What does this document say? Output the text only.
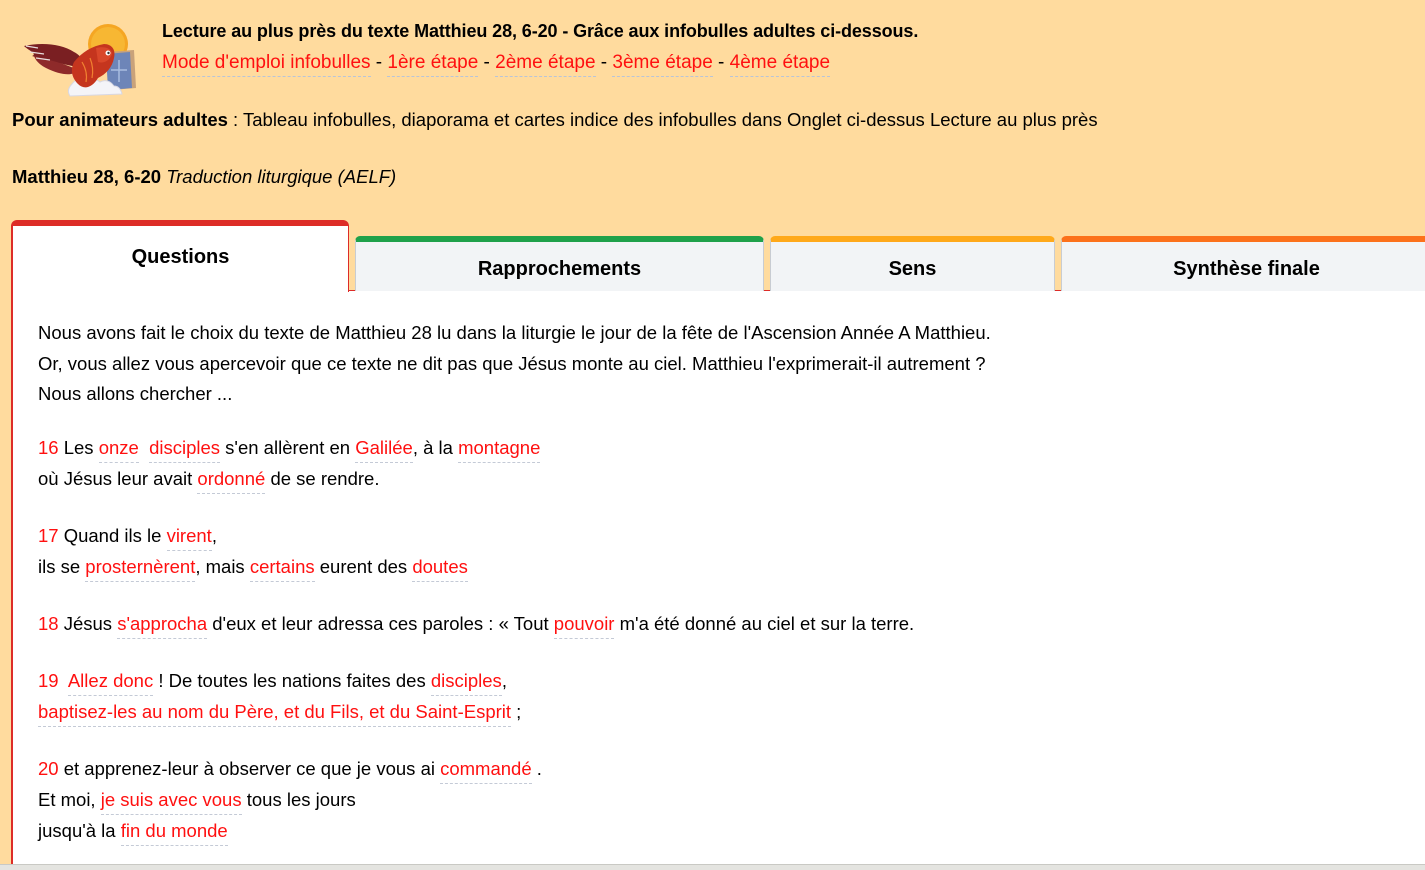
Lecture au plus près du texte Matthieu 28, 6-20 - Grâce aux infobulles adultes ci-dessous.
Mode d'emploi infobulles - 1ère étape - 2ème étape - 3ème étape - 4ème étape
Pour animateurs adultes : Tableau infobulles, diaporama et cartes indice des infobulles dans Onglet ci-dessus Lecture au plus près
Matthieu 28, 6-20 Traduction liturgique (AELF)
Questions
Rapprochements	Sens	Synthèse finale
Nous avons fait le choix du texte de Matthieu 28 lu dans la liturgie le jour de la fête de l'Ascension Année A Matthieu.
Or, vous allez vous apercevoir que ce texte ne dit pas que Jésus monte au ciel. Matthieu l'exprimerait-il autrement ?
Nous allons chercher ...
16 Les onze disciples s'en allèrent en Galilée, à la montagne
où Jésus leur avait ordonné de se rendre.
17 Quand ils le virent,
ils se prosternèrent, mais certains eurent des doutes
18 Jésus s'approcha d'eux et leur adressa ces paroles : « Tout pouvoir m'a été donné au ciel et sur la terre.
19 Allez donc ! De toutes les nations faites des disciples,
baptisez-les au nom du Père, et du Fils, et du Saint-Esprit ;
20 et apprenez-leur à observer ce que je vous ai commandé .
Et moi, je suis avec vous tous les jours
jusqu'à la fin du monde
